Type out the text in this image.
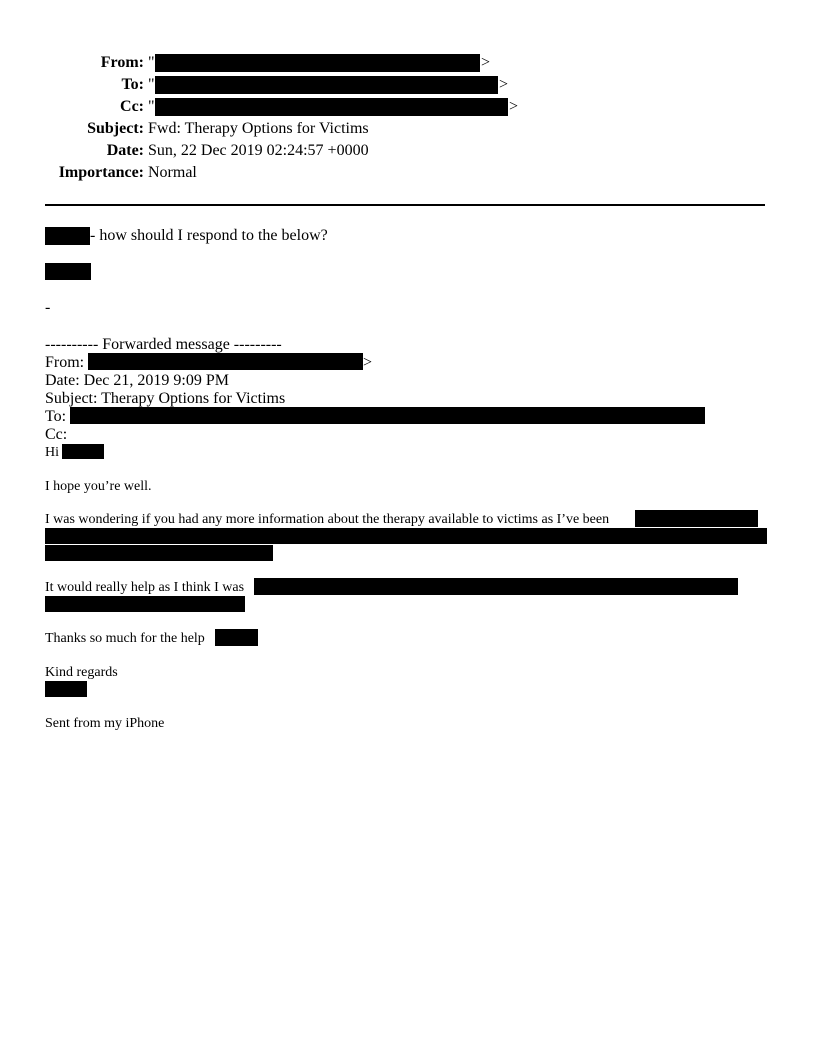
From: "	>
To: "	>
Cc: "	>
Subject: Fwd: Therapy Options for Victims
Date: Sun, 22 Dec 2019 02:24:57 +0000
Importance: Normal
- how should I respond to the below?
-
---------- Forwarded message ---------
From:	>
Date: Dec 21, 2019 9:09 PM
Subject: Therapy Options for Victims
To:
Cc:
Hi
I hope you’re well.
I was wondering if you had any more information about the therapy available to victims as I’ve been
It would really help as I think I was
Thanks so much for the help
Kind regards
Sent from my iPhone
